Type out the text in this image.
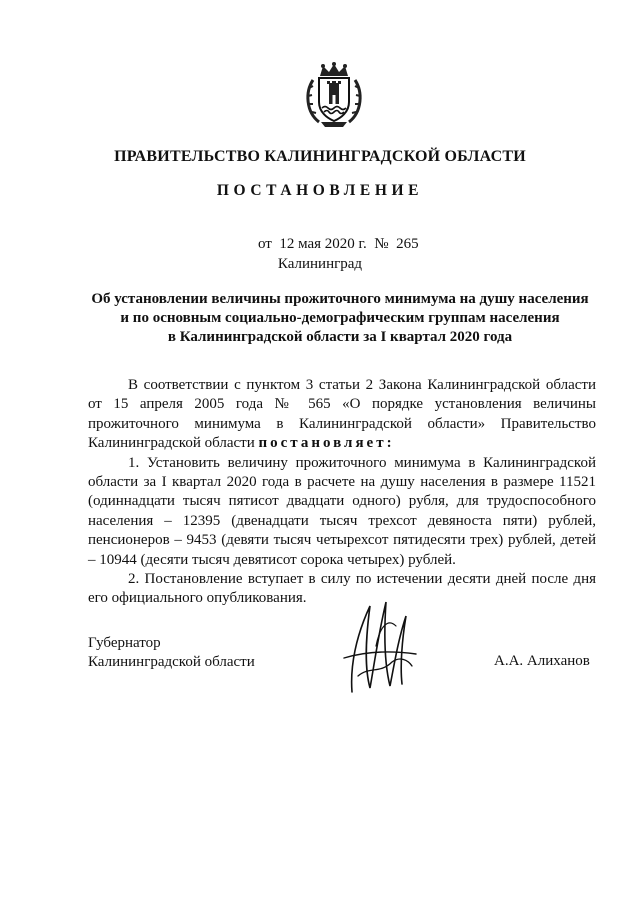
ПРАВИТЕЛЬСТВО КАЛИНИНГРАДСКОЙ ОБЛАСТИ
ПОСТАНОВЛЕНИЕ
от 12 мая 2020 г. № 265
Калининград
Об установлении величины прожиточного минимума на душу населения
и по основным социально-демографическим группам населения
в Калининградской области за I квартал 2020 года

В соответствии с пунктом 3 статьи 2 Закона Калининградской области от 15 апреля 2005 года № 565 «О порядке установления величины прожиточного минимума в Калининградской области» Правительство Калининградской области постановляет:

1. Установить величину прожиточного минимума в Калининградской области за I квартал 2020 года в расчете на душу населения в размере 11521 (одиннадцати тысяч пятисот двадцати одного) рубля, для трудоспособного населения – 12395 (двенадцати тысяч трехсот девяноста пяти) рублей, пенсионеров – 9453 (девяти тысяч четырехсот пятидесяти трех) рублей, детей – 10944 (десяти тысяч девятисот сорока четырех) рублей.

2. Постановление вступает в силу по истечении десяти дней после дня его официального опубликования.

Губернатор
Калининградской области	А.А. Алиханов
